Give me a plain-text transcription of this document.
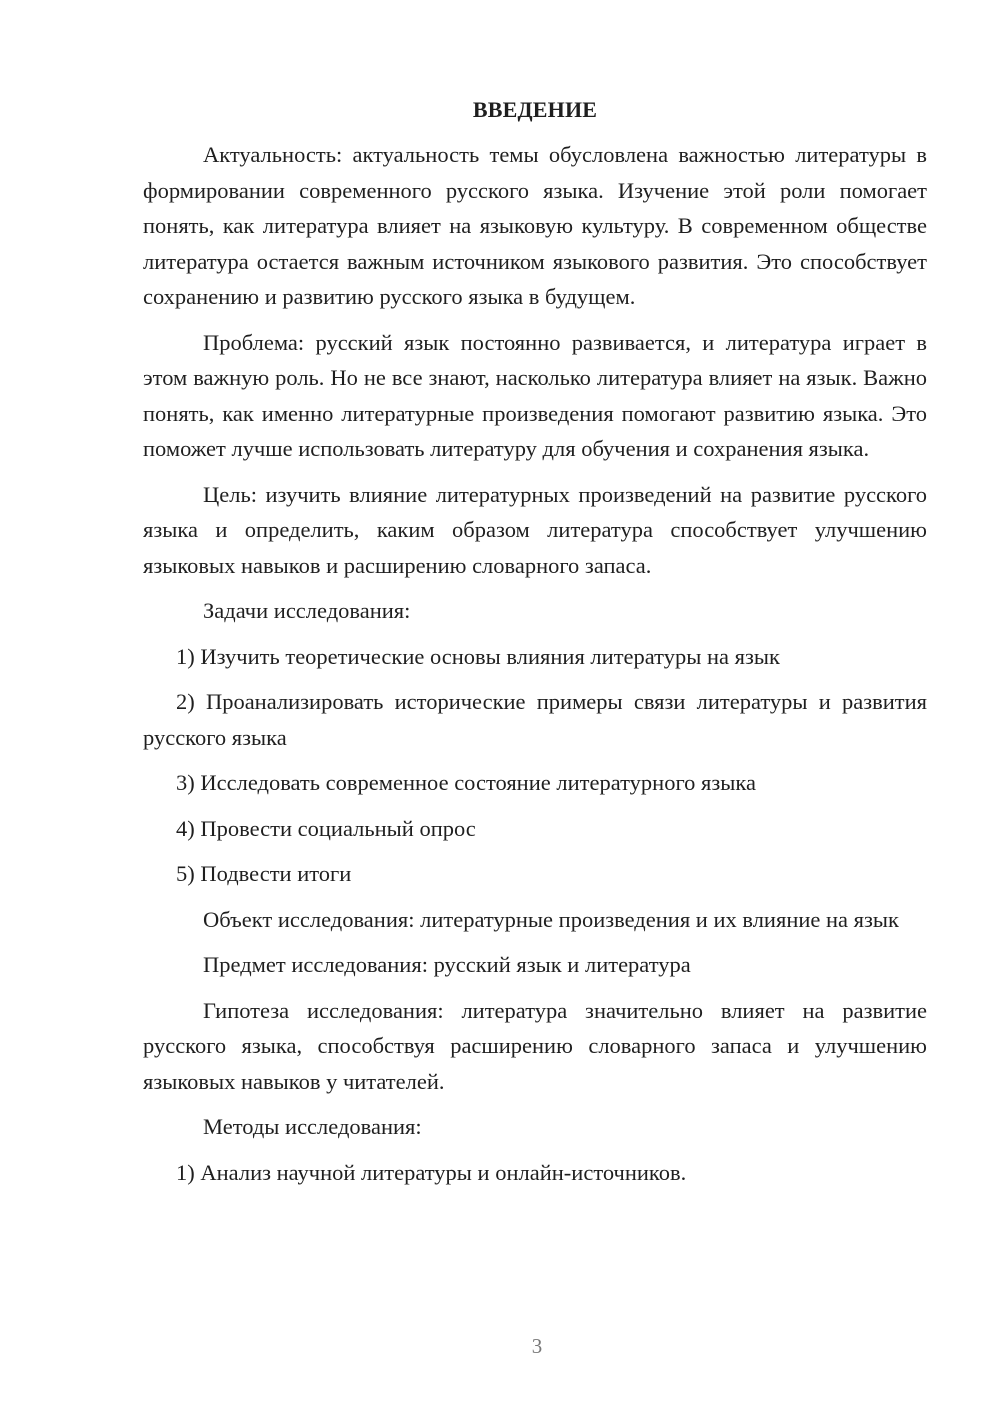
ВВЕДЕНИЕ

Актуальность: актуальность темы обусловлена важностью литературы в формировании современного русского языка. Изучение этой роли помогает понять, как литература влияет на языковую культуру. В современном обществе литература остается важным источником языкового развития. Это способствует сохранению и развитию русского языка в будущем.

Проблема: русский язык постоянно развивается, и литература играет в этом важную роль. Но не все знают, насколько литература влияет на язык. Важно понять, как именно литературные произведения помогают развитию языка. Это поможет лучше использовать литературу для обучения и сохранения языка.

Цель: изучить влияние литературных произведений на развитие русского языка и определить, каким образом литература способствует улучшению языковых навыков и расширению словарного запаса.

Задачи исследования:

1) Изучить теоретические основы влияния литературы на язык

2) Проанализировать исторические примеры связи литературы и развития русского языка

3) Исследовать современное состояние литературного языка

4) Провести социальный опрос

5) Подвести итоги

Объект исследования: литературные произведения и их влияние на язык

Предмет исследования: русский язык и литература

Гипотеза исследования: литература значительно влияет на развитие русского языка, способствуя расширению словарного запаса и улучшению языковых навыков у читателей.

Методы исследования:

1) Анализ научной литературы и онлайн-источников.

3
